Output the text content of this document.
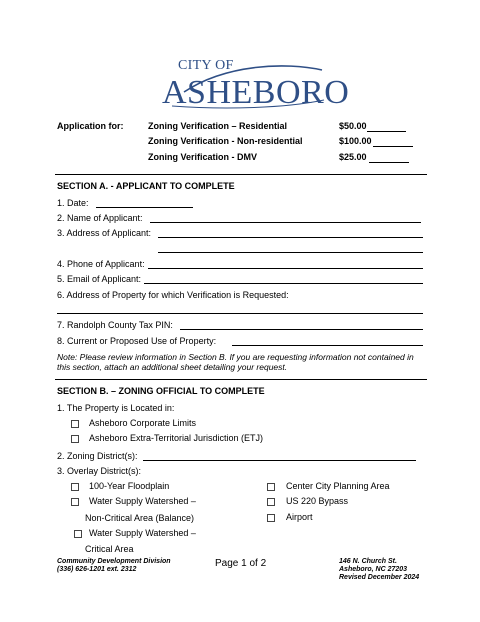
CITY OF
ASHEBORO
Application for:	Zoning Verification – Residential	$50.00
Zoning Verification - Non-residential	$100.00
Zoning Verification - DMV	$25.00
SECTION A. - APPLICANT TO COMPLETE
1. Date:
2. Name of Applicant:
3. Address of Applicant:
4. Phone of Applicant:
5. Email of Applicant:
6. Address of Property for which Verification is Requested:
7. Randolph County Tax PIN:
8. Current or Proposed Use of Property:
Note: Please review information in Section B. If you are requesting information not contained in
this section, attach an additional sheet detailing your request.
SECTION B. – ZONING OFFICIAL TO COMPLETE
1. The Property is Located in:
Asheboro Corporate Limits
Asheboro Extra-Territorial Jurisdiction (ETJ)
2. Zoning District(s):
3. Overlay District(s):
100-Year Floodplain
Water Supply Watershed –
Non-Critical Area (Balance)
Water Supply Watershed –
Critical Area
Center City Planning Area
US 220 Bypass
Airport
Community Development Division
(336) 626-1201 ext. 2312
Page 1 of 2	146 N. Church St.
Asheboro, NC 27203
Revised December 2024
